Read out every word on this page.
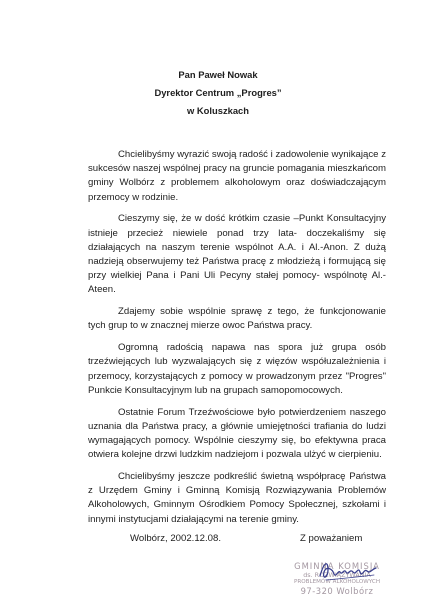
Pan Paweł Nowak
Dyrektor Centrum „Progres”
w Koluszkach

Chcielibyśmy wyrazić swoją radość i zadowolenie wynikające z sukcesów naszej wspólnej pracy na gruncie pomagania mieszkańcom gminy Wolbórz z problemem alkoholowym oraz doświadczającym przemocy w rodzinie.

Cieszymy się, że w dość krótkim czasie –Punkt Konsultacyjny istnieje przecież niewiele ponad trzy lata- doczekaliśmy się działających na naszym terenie wspólnot A.A. i Al.-Anon. Z dużą nadzieją obserwujemy też Państwa pracę z młodzieżą i formującą się przy wielkiej Pana i Pani Uli Pecyny stałej pomocy- wspólnotę Al.-Ateen.

Zdajemy sobie wspólnie sprawę z tego, że funkcjonowanie tych grup to w znacznej mierze owoc Państwa pracy.

Ogromną radością napawa nas spora już grupa osób trzeźwiejących lub wyzwalających się z więzów współuzależnienia i przemocy, korzystających z pomocy w prowadzonym przez "Progres" Punkcie Konsultacyjnym lub na grupach samopomocowych.

Ostatnie Forum Trzeźwościowe było potwierdzeniem naszego uznania dla Państwa pracy, a głównie umiejętności trafiania do ludzi wymagających pomocy. Wspólnie cieszymy się, bo efektywna praca otwiera kolejne drzwi ludzkim nadziejom i pozwala ulżyć w cierpieniu.

Chcielibyśmy jeszcze podkreślić świetną współpracę Państwa z Urzędem Gminy i Gminną Komisją Rozwiązywania Problemów Alkoholowych, Gminnym Ośrodkiem Pomocy Społecznej, szkołami i innymi instytucjami działającymi na terenie gminy.

Wolbórz, 2002.12.08.	Z poważaniem
GMINNA KOMISJA
ds. ROZWIĄZYWANIA
PROBLEMÓW ALKOHOLOWYCH
97-320 Wolbórz
